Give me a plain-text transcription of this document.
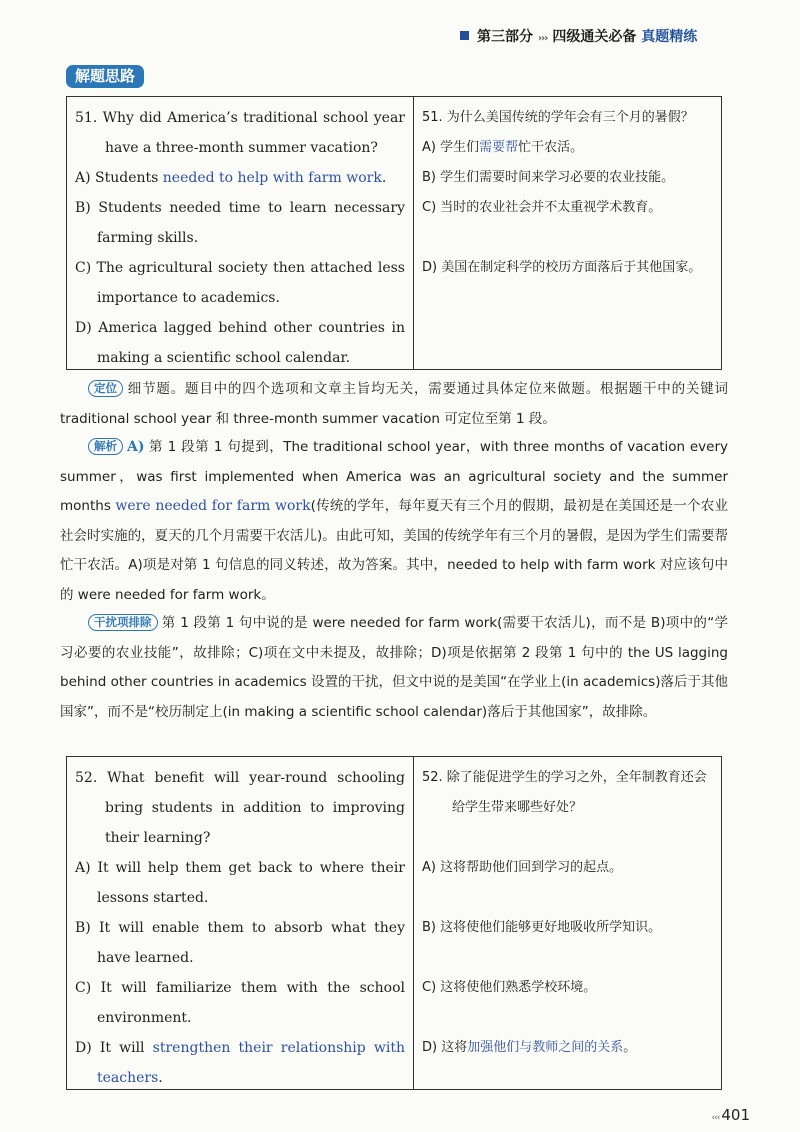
第三部分 ››› 四级通关必备 真题精练
解题思路
51. Why did America’s traditional school year have a three-month summer vacation?
A) Students needed to help with farm work.
B) Students needed time to learn necessary farming skills.
C) The agricultural society then attached less importance to academics.
D) America lagged behind other countries in making a scientific school calendar.
51. 为什么美国传统的学年会有三个月的暑假？
A) 学生们需要帮忙干农活。
B) 学生们需要时间来学习必要的农业技能。
C) 当时的农业社会并不太重视学术教育。
D) 美国在制定科学的校历方面落后于其他国家。
定位 细节题。题目中的四个选项和文章主旨均无关，需要通过具体定位来做题。根据题干中的关键词 traditional school year 和 three-month summer vacation 可定位至第 1 段。
解析 A) 第 1 段第 1 句提到，The traditional school year，with three months of vacation every summer，was first implemented when America was an agricultural society and the summer months were needed for farm work(传统的学年，每年夏天有三个月的假期，最初是在美国还是一个农业社会时实施的，夏天的几个月需要干农活儿)。由此可知，美国的传统学年有三个月的暑假，是因为学生们需要帮忙干农活。A)项是对第 1 句信息的同义转述，故为答案。其中，needed to help with farm work 对应该句中的 were needed for farm work。
干扰项排除 第 1 段第 1 句中说的是 were needed for farm work(需要干农活儿)，而不是 B)项中的“学习必要的农业技能”，故排除；C)项在文中未提及，故排除；D)项是依据第 2 段第 1 句中的 the US lagging behind other countries in academics 设置的干扰，但文中说的是美国“在学业上(in academics)落后于其他国家”，而不是“校历制定上(in making a scientific school calendar)落后于其他国家”，故排除。
52. What benefit will year-round schooling bring students in addition to improving their learning?
A) It will help them get back to where their lessons started.
B) It will enable them to absorb what they have learned.
C) It will familiarize them with the school environment.
D) It will strengthen their relationship with teachers.
52. 除了能促进学生的学习之外，全年制教育还会给学生带来哪些好处？
A) 这将帮助他们回到学习的起点。
B) 这将使他们能够更好地吸收所学知识。
C) 这将使他们熟悉学校环境。
D) 这将加强他们与教师之间的关系。
‹‹‹ 401
